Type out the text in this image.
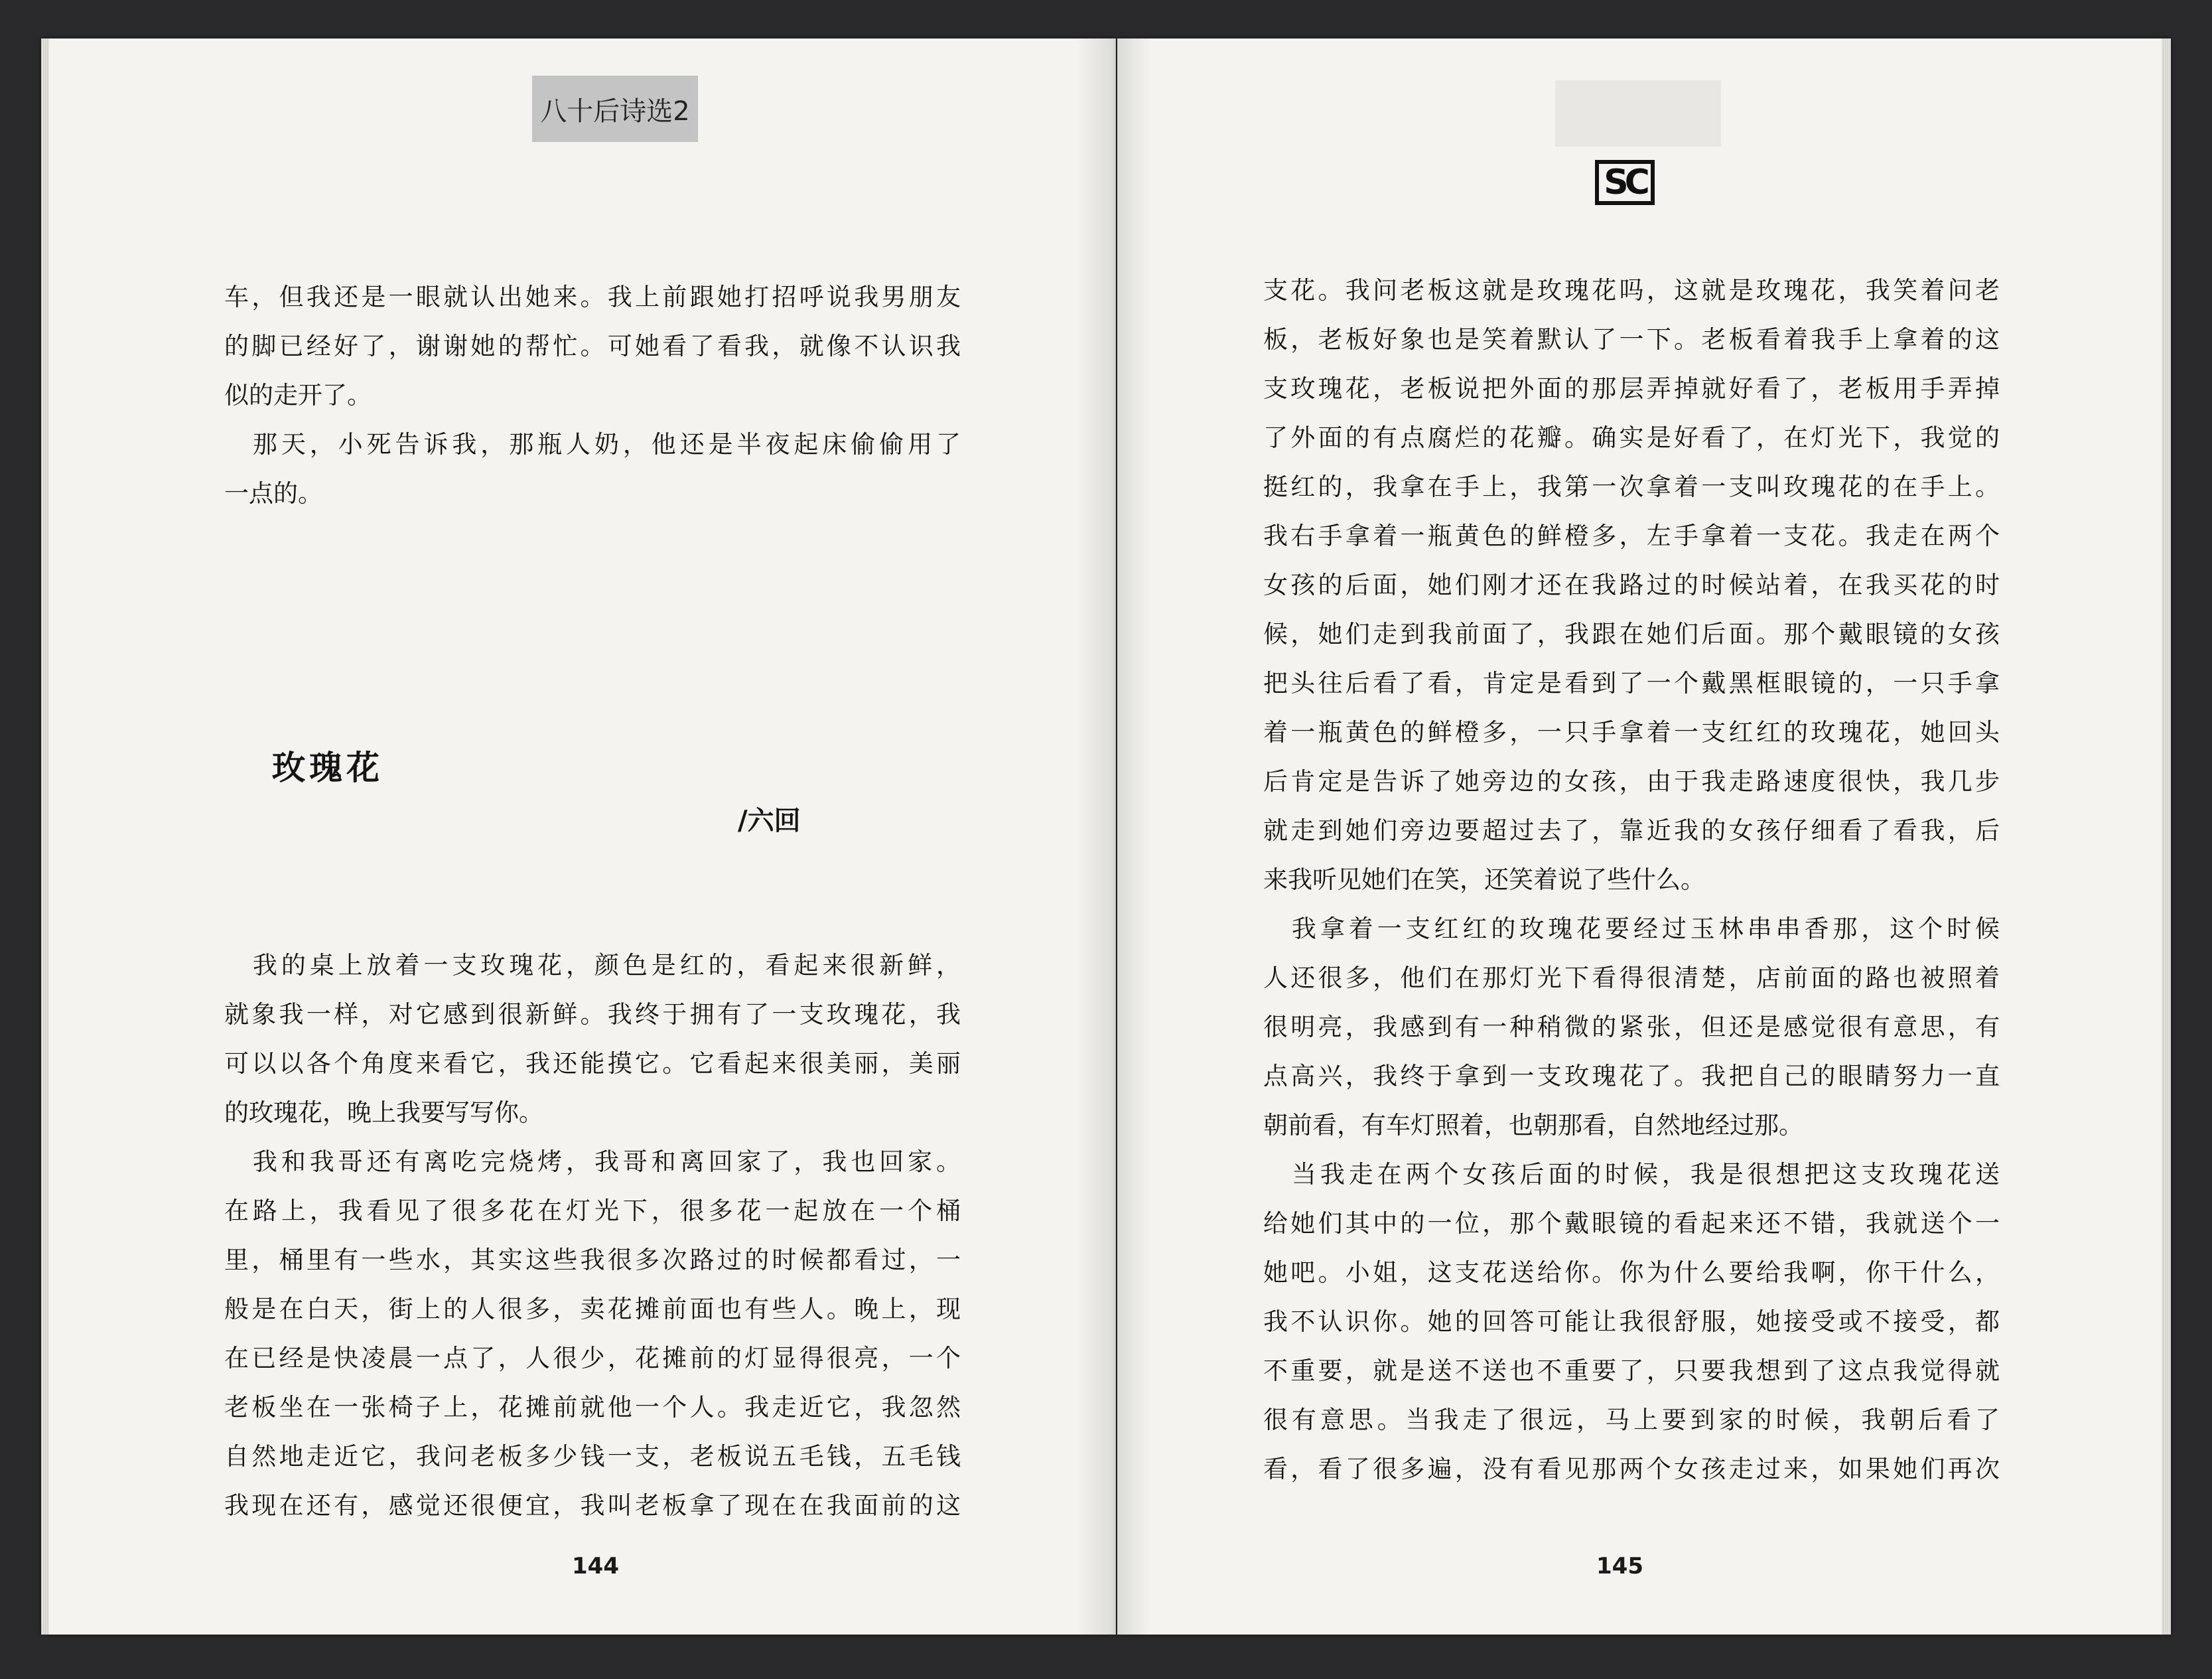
八十后诗选2
车，但我还是一眼就认出她来。我上前跟她打招呼说我男朋友
的脚已经好了，谢谢她的帮忙。可她看了看我，就像不认识我
似的走开了。
　那天，小死告诉我，那瓶人奶，他还是半夜起床偷偷用了
一点的。
玫瑰花
/六回
　我的桌上放着一支玫瑰花，颜色是红的，看起来很新鲜，
就象我一样，对它感到很新鲜。我终于拥有了一支玫瑰花，我
可以以各个角度来看它，我还能摸它。它看起来很美丽，美丽
的玫瑰花，晚上我要写写你。
　我和我哥还有离吃完烧烤，我哥和离回家了，我也回家。
在路上，我看见了很多花在灯光下，很多花一起放在一个桶
里，桶里有一些水，其实这些我很多次路过的时候都看过，一
般是在白天，街上的人很多，卖花摊前面也有些人。晚上，现
在已经是快凌晨一点了，人很少，花摊前的灯显得很亮，一个
老板坐在一张椅子上，花摊前就他一个人。我走近它，我忽然
自然地走近它，我问老板多少钱一支，老板说五毛钱，五毛钱
我现在还有，感觉还很便宜，我叫老板拿了现在在我面前的这
144
SC
支花。我问老板这就是玫瑰花吗，这就是玫瑰花，我笑着问老
板，老板好象也是笑着默认了一下。老板看着我手上拿着的这
支玫瑰花，老板说把外面的那层弄掉就好看了，老板用手弄掉
了外面的有点腐烂的花瓣。确实是好看了，在灯光下，我觉的
挺红的，我拿在手上，我第一次拿着一支叫玫瑰花的在手上。
我右手拿着一瓶黄色的鲜橙多，左手拿着一支花。我走在两个
女孩的后面，她们刚才还在我路过的时候站着，在我买花的时
候，她们走到我前面了，我跟在她们后面。那个戴眼镜的女孩
把头往后看了看，肯定是看到了一个戴黑框眼镜的，一只手拿
着一瓶黄色的鲜橙多，一只手拿着一支红红的玫瑰花，她回头
后肯定是告诉了她旁边的女孩，由于我走路速度很快，我几步
就走到她们旁边要超过去了，靠近我的女孩仔细看了看我，后
来我听见她们在笑，还笑着说了些什么。
　我拿着一支红红的玫瑰花要经过玉林串串香那，这个时候
人还很多，他们在那灯光下看得很清楚，店前面的路也被照着
很明亮，我感到有一种稍微的紧张，但还是感觉很有意思，有
点高兴，我终于拿到一支玫瑰花了。我把自己的眼睛努力一直
朝前看，有车灯照着，也朝那看，自然地经过那。
　当我走在两个女孩后面的时候，我是很想把这支玫瑰花送
给她们其中的一位，那个戴眼镜的看起来还不错，我就送个一
她吧。小姐，这支花送给你。你为什么要给我啊，你干什么，
我不认识你。她的回答可能让我很舒服，她接受或不接受，都
不重要，就是送不送也不重要了，只要我想到了这点我觉得就
很有意思。当我走了很远，马上要到家的时候，我朝后看了
看，看了很多遍，没有看见那两个女孩走过来，如果她们再次
145
